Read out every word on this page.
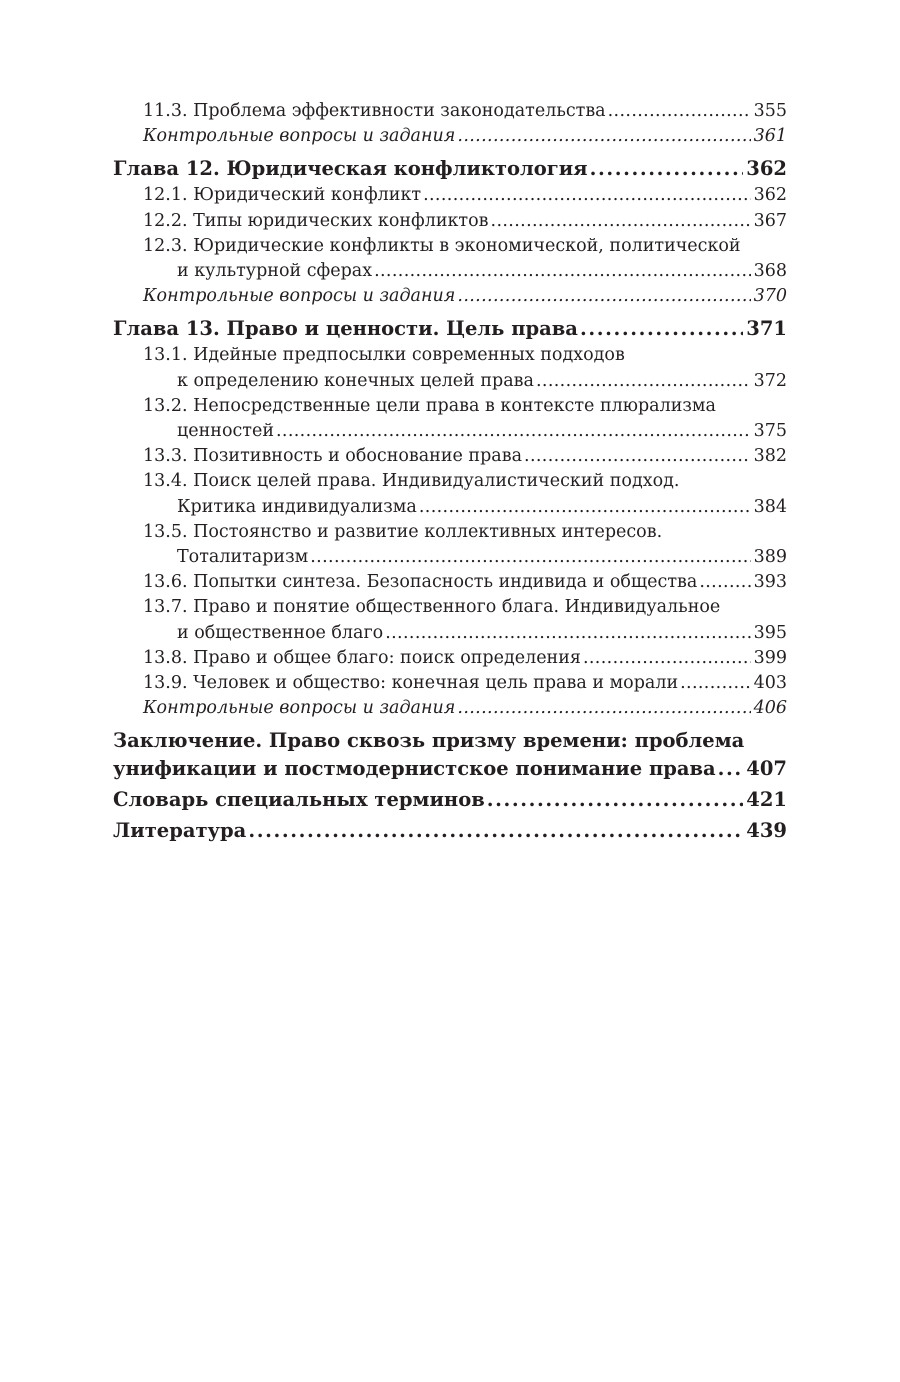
11.3. Проблема эффективности законодательства . . .	355
Контрольные вопросы и задания . . .	361
Глава 12. Юридическая конфликтология . . .	362
12.1. Юридический конфликт . . .	362
12.2. Типы юридических конфликтов . . .	367
12.3. Юридические конфликты в экономической, политической
и культурной сферах . . .	368
Контрольные вопросы и задания . . .	370
Глава 13. Право и ценности. Цель права . . .	371
13.1. Идейные предпосылки современных подходов
к определению конечных целей права . . .	372
13.2. Непосредственные цели права в контексте плюрализма
ценностей . . .	375
13.3. Позитивность и обоснование права . . .	382
13.4. Поиск целей права. Индивидуалистический подход.
Критика индивидуализма . . .	384
13.5. Постоянство и развитие коллективных интересов.
Тоталитаризм . . .	389
13.6. Попытки синтеза. Безопасность индивида и общества . . .	393
13.7. Право и понятие общественного блага. Индивидуальное
и общественное благо . . .	395
13.8. Право и общее благо: поиск определения . . .	399
13.9. Человек и общество: конечная цель права и морали . . .	403
Контрольные вопросы и задания . . .	406
Заключение. Право сквозь призму времени: проблема
унификации и постмодернистское понимание права . . . 407
Словарь специальных терминов . . .	421
Литература . . .	439
